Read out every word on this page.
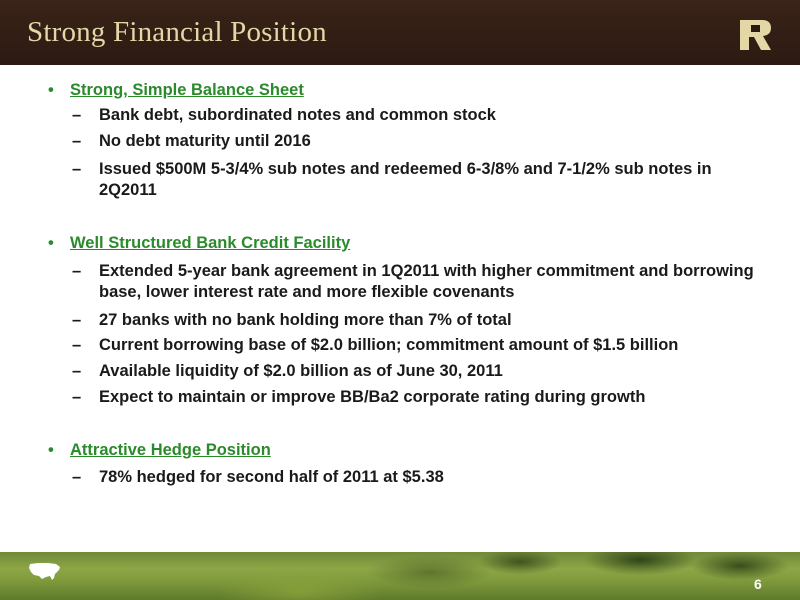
Strong Financial Position
• Strong, Simple Balance Sheet
– Bank debt, subordinated notes and common stock
– No debt maturity until 2016
– Issued $500M 5-3/4% sub notes and redeemed 6-3/8% and 7-1/2% sub notes in 2Q2011
• Well Structured Bank Credit Facility
– Extended 5-year bank agreement in 1Q2011 with higher commitment and borrowing base, lower interest rate and more flexible covenants
– 27 banks with no bank holding more than 7% of total
– Current borrowing base of $2.0 billion; commitment amount of $1.5 billion
– Available liquidity of $2.0 billion as of June 30, 2011
– Expect to maintain or improve BB/Ba2 corporate rating during growth
• Attractive Hedge Position
– 78% hedged for second half of 2011 at $5.38
6
